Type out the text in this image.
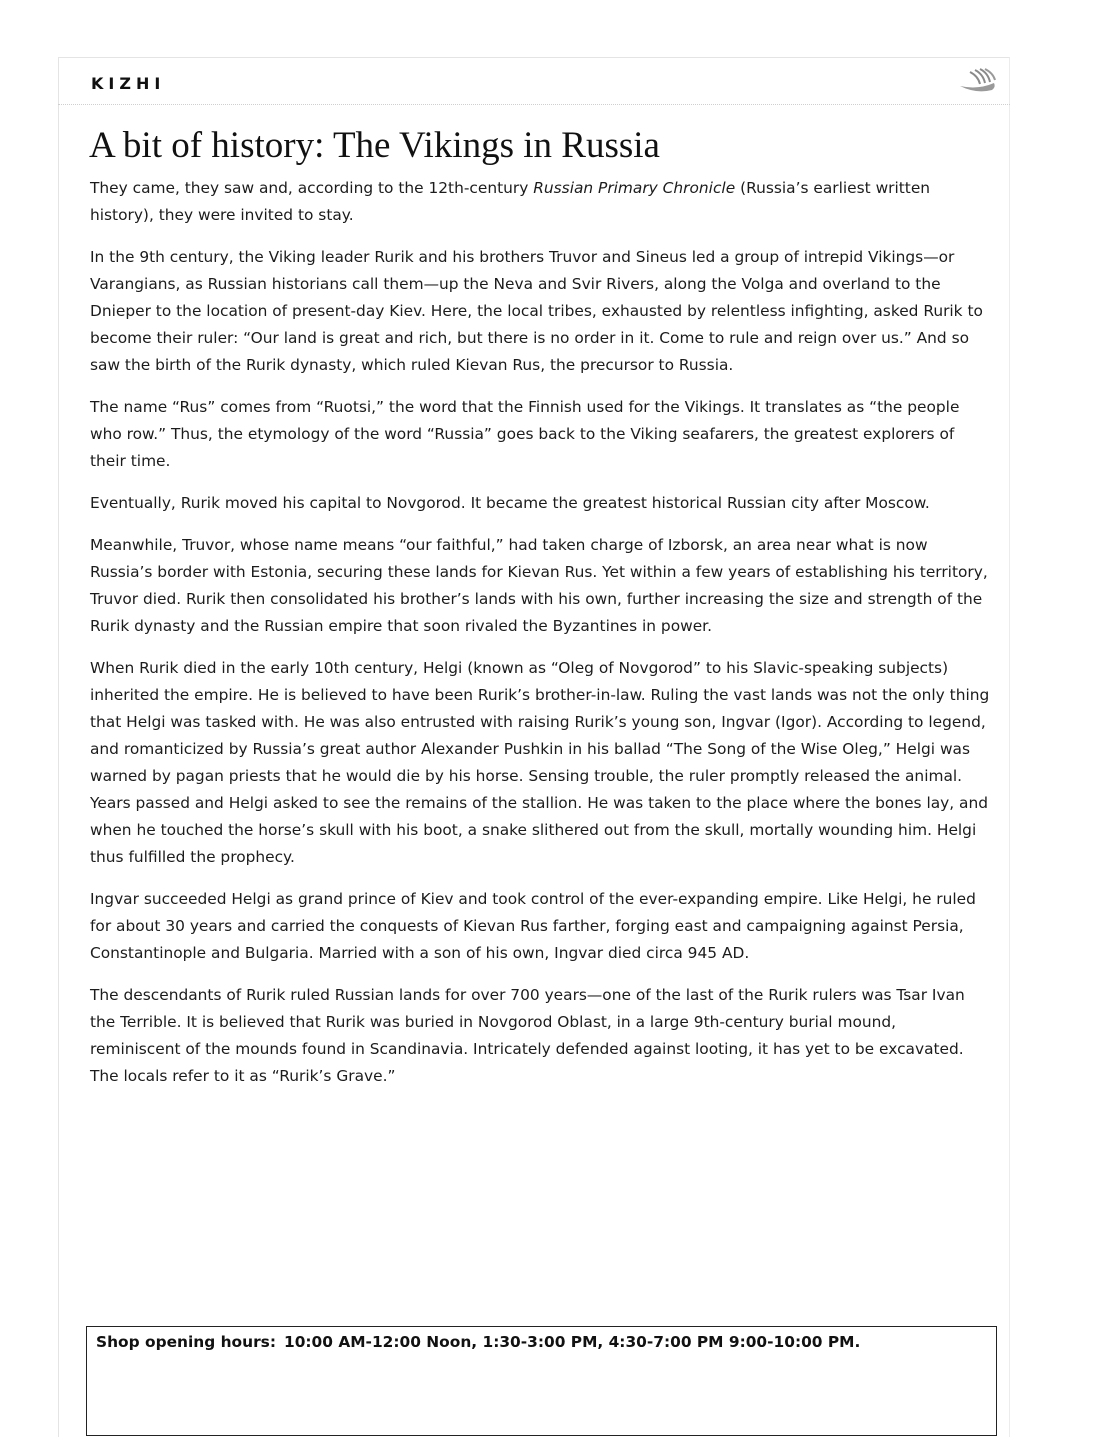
KIZHI
A bit of history: The Vikings in Russia

They came, they saw and, according to the 12th-century Russian Primary Chronicle (Russia’s earliest written history), they were invited to stay.

In the 9th century, the Viking leader Rurik and his brothers Truvor and Sineus led a group of intrepid Vikings—or Varangians, as Russian historians call them—up the Neva and Svir Rivers, along the Volga and overland to the Dnieper to the location of present-day Kiev. Here, the local tribes, exhausted by relentless infighting, asked Rurik to become their ruler: “Our land is great and rich, but there is no order in it. Come to rule and reign over us.” And so saw the birth of the Rurik dynasty, which ruled Kievan Rus, the precursor to Russia.

The name “Rus” comes from “Ruotsi,” the word that the Finnish used for the Vikings. It translates as “the people who row.” Thus, the etymology of the word “Russia” goes back to the Viking seafarers, the greatest explorers of their time.

Eventually, Rurik moved his capital to Novgorod. It became the greatest historical Russian city after Moscow.

Meanwhile, Truvor, whose name means “our faithful,” had taken charge of Izborsk, an area near what is now Russia’s border with Estonia, securing these lands for Kievan Rus. Yet within a few years of establishing his territory, Truvor died. Rurik then consolidated his brother’s lands with his own, further increasing the size and strength of the Rurik dynasty and the Russian empire that soon rivaled the Byzantines in power.

When Rurik died in the early 10th century, Helgi (known as “Oleg of Novgorod” to his Slavic-speaking subjects) inherited the empire. He is believed to have been Rurik’s brother-in-law. Ruling the vast lands was not the only thing that Helgi was tasked with. He was also entrusted with raising Rurik’s young son, Ingvar (Igor). According to legend, and romanticized by Russia’s great author Alexander Pushkin in his ballad “The Song of the Wise Oleg,” Helgi was warned by pagan priests that he would die by his horse. Sensing trouble, the ruler promptly released the animal. Years passed and Helgi asked to see the remains of the stallion. He was taken to the place where the bones lay, and when he touched the horse’s skull with his boot, a snake slithered out from the skull, mortally wounding him. Helgi thus fulfilled the prophecy.

Ingvar succeeded Helgi as grand prince of Kiev and took control of the ever-expanding empire. Like Helgi, he ruled for about 30 years and carried the conquests of Kievan Rus farther, forging east and campaigning against Persia, Constantinople and Bulgaria. Married with a son of his own, Ingvar died circa 945 AD.

The descendants of Rurik ruled Russian lands for over 700 years—one of the last of the Rurik rulers was Tsar Ivan the Terrible. It is believed that Rurik was buried in Novgorod Oblast, in a large 9th-century burial mound, reminiscent of the mounds found in Scandinavia. Intricately defended against looting, it has yet to be excavated. The locals refer to it as “Rurik’s Grave.”

Shop opening hours: 10:00 AM-12:00 Noon, 1:30-3:00 PM, 4:30-7:00 PM 9:00-10:00 PM.
